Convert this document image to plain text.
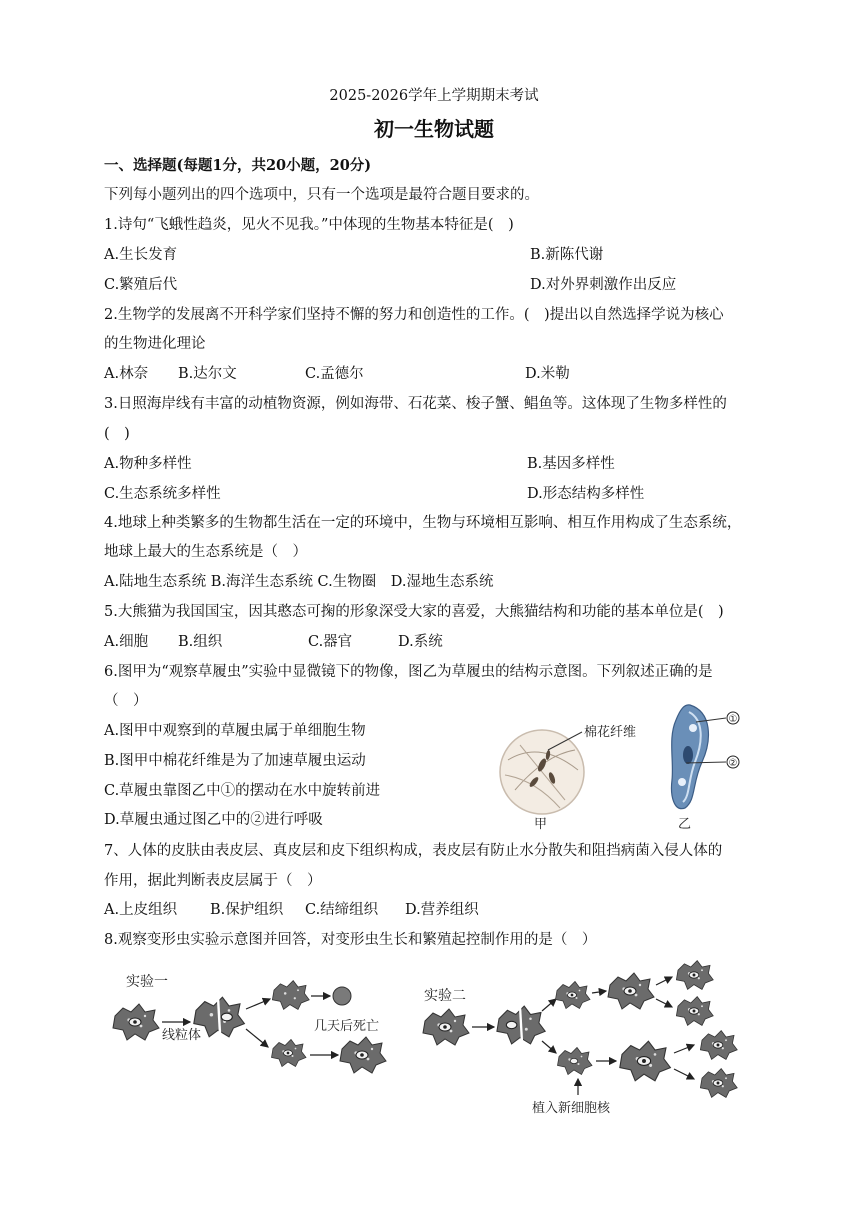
2025-2026学年上学期期末考试
初一生物试题
一、选择题(每题1分，共20小题，20分)
下列每小题列出的四个选项中，只有一个选项是最符合题目要求的。
1.诗句“飞蛾性趋炎，见火不见我。”中体现的生物基本特征是(　)
A.生长发育	B.新陈代谢
C.繁殖后代	D.对外界刺激作出反应
2.生物学的发展离不开科学家们坚持不懈的努力和创造性的工作。(　)提出以自然选择学说为核心
的生物进化理论
A.林奈 B.达尔文	C.孟德尔	D.米勒
3.日照海岸线有丰富的动植物资源，例如海带、石花菜、梭子蟹、鲳鱼等。这体现了生物多样性的
(　)
A.物种多样性	B.基因多样性
C.生态系统多样性	D.形态结构多样性
4.地球上种类繁多的生物都生活在一定的环境中，生物与环境相互影响、相互作用构成了生态系统，
地球上最大的生态系统是（　）
A.陆地生态系统 B.海洋生态系统 C.生物圈　D.湿地生态系统
5.大熊猫为我国国宝，因其憨态可掬的形象深受大家的喜爱，大熊猫结构和功能的基本单位是(　)
A.细胞 B.组织	C.器官	D.系统
6.图甲为“观察草履虫”实验中显微镜下的物像，图乙为草履虫的结构示意图。下列叙述正确的是
（　）
A.图甲中观察到的草履虫属于单细胞生物
B.图甲中棉花纤维是为了加速草履虫运动
C.草履虫靠图乙中①的摆动在水中旋转前进
D.草履虫通过图乙中的②进行呼吸
棉花纤维
甲
①
②
乙
7、人体的皮肤由表皮层、真皮层和皮下组织构成，表皮层有防止水分散失和阻挡病菌入侵人体的
作用，据此判断表皮层属于（　）
A.上皮组织 B.保护组织 C.结缔组织 D.营养组织
8.观察变形虫实验示意图并回答，对变形虫生长和繁殖起控制作用的是（　）
实验一
线粒体
几天后死亡
实验二
植入新细胞核
